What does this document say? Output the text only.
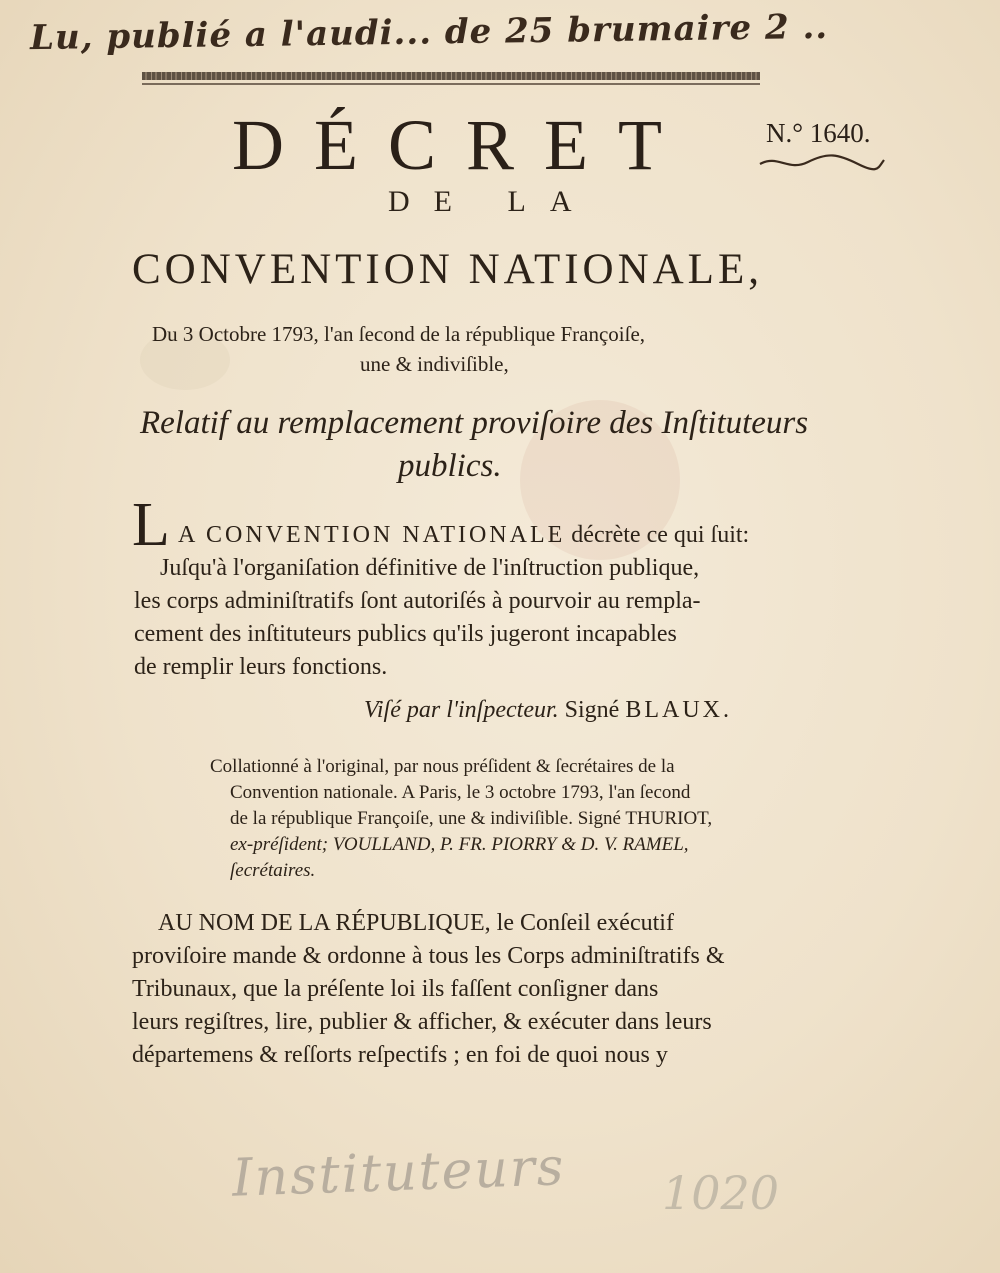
Lu, publié a l'audi... de 25 brumaire 2 ..
DÉCRET	N.° 1640.
DE LA
CONVENTION NATIONALE,
Du 3 Octobre 1793, l'an ſecond de la république Françoiſe,
une & indiviſible,
Relatif au remplacement proviſoire des Inſtituteurs
publics.
L A CONVENTION NATIONALE décrète ce qui ſuit:
Juſqu'à l'organiſation définitive de l'inſtruction publique,
les corps adminiſtratifs ſont autoriſés à pourvoir au rempla-
cement des inſtituteurs publics qu'ils jugeront incapables
de remplir leurs fonctions.
Viſé par l'inſpecteur. Signé BLAUX.
Collationné à l'original, par nous préſident & ſecrétaires de la
Convention nationale. A Paris, le 3 octobre 1793, l'an ſecond
de la république Françoiſe, une & indiviſible. Signé THURIOT,
ex-préſident; VOULLAND, P. FR. PIORRY & D. V. RAMEL,
ſecrétaires.
AU NOM DE LA RÉPUBLIQUE, le Conſeil exécutif
proviſoire mande & ordonne à tous les Corps adminiſtratifs &
Tribunaux, que la préſente loi ils faſſent conſigner dans
leurs regiſtres, lire, publier & afficher, & exécuter dans leurs
départemens & reſſorts reſpectifs ; en foi de quoi nous y
Instituteurs 1020
